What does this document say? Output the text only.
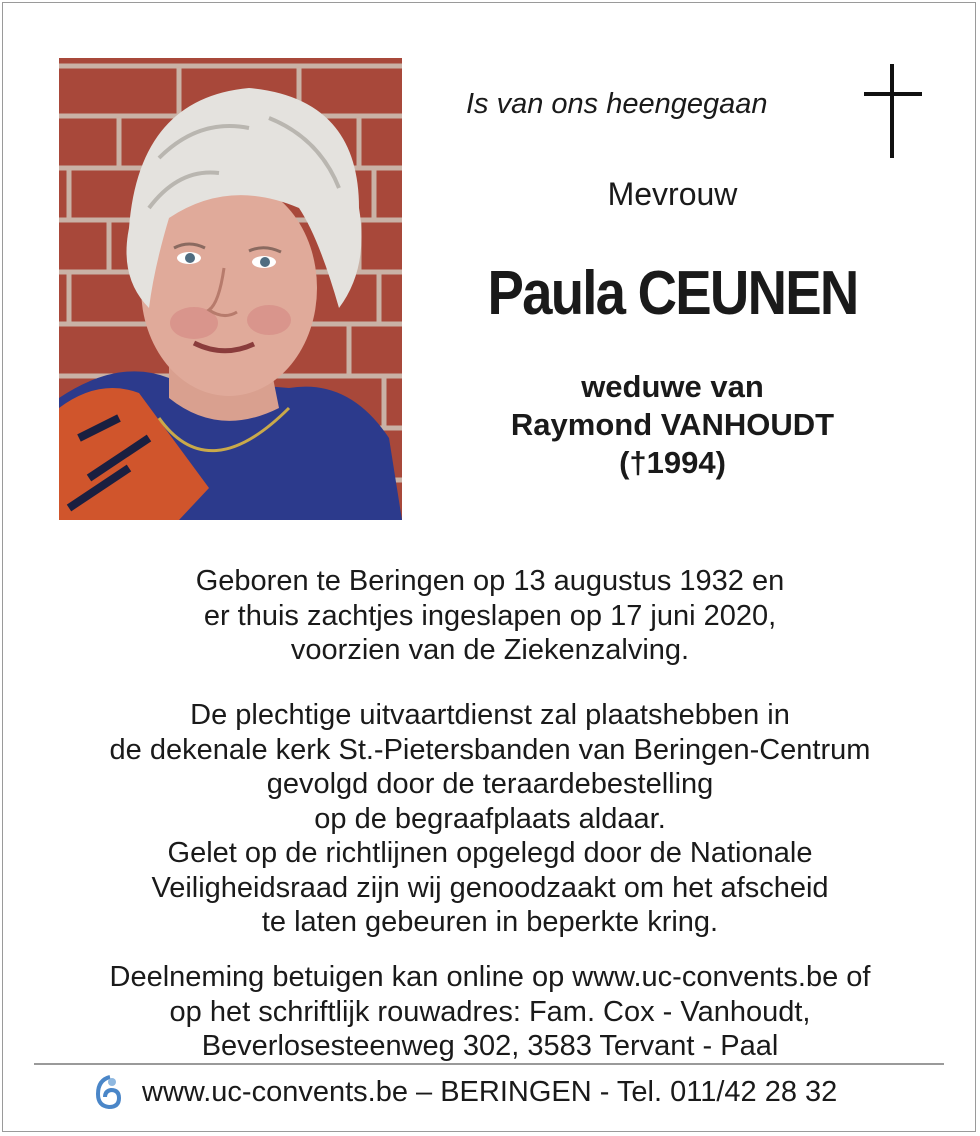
Is van ons heengegaan
Mevrouw
Paula CEUNEN
weduwe van
Raymond VANHOUDT
(†1994)
Geboren te Beringen op 13 augustus 1932 en
er thuis zachtjes ingeslapen op 17 juni 2020,
voorzien van de Ziekenzalving.
De plechtige uitvaartdienst zal plaatshebben in
de dekenale kerk St.-Pietersbanden van Beringen-Centrum
gevolgd door de teraardebestelling
op de begraafplaats aldaar.
Gelet op de richtlijnen opgelegd door de Nationale
Veiligheidsraad zijn wij genoodzaakt om het afscheid
te laten gebeuren in beperkte kring.
Deelneming betuigen kan online op www.uc-convents.be of
op het schriftlijk rouwadres: Fam. Cox - Vanhoudt,
Beverlosesteenweg 302, 3583 Tervant - Paal
www.uc-convents.be – BERINGEN - Tel. 011/42 28 32
